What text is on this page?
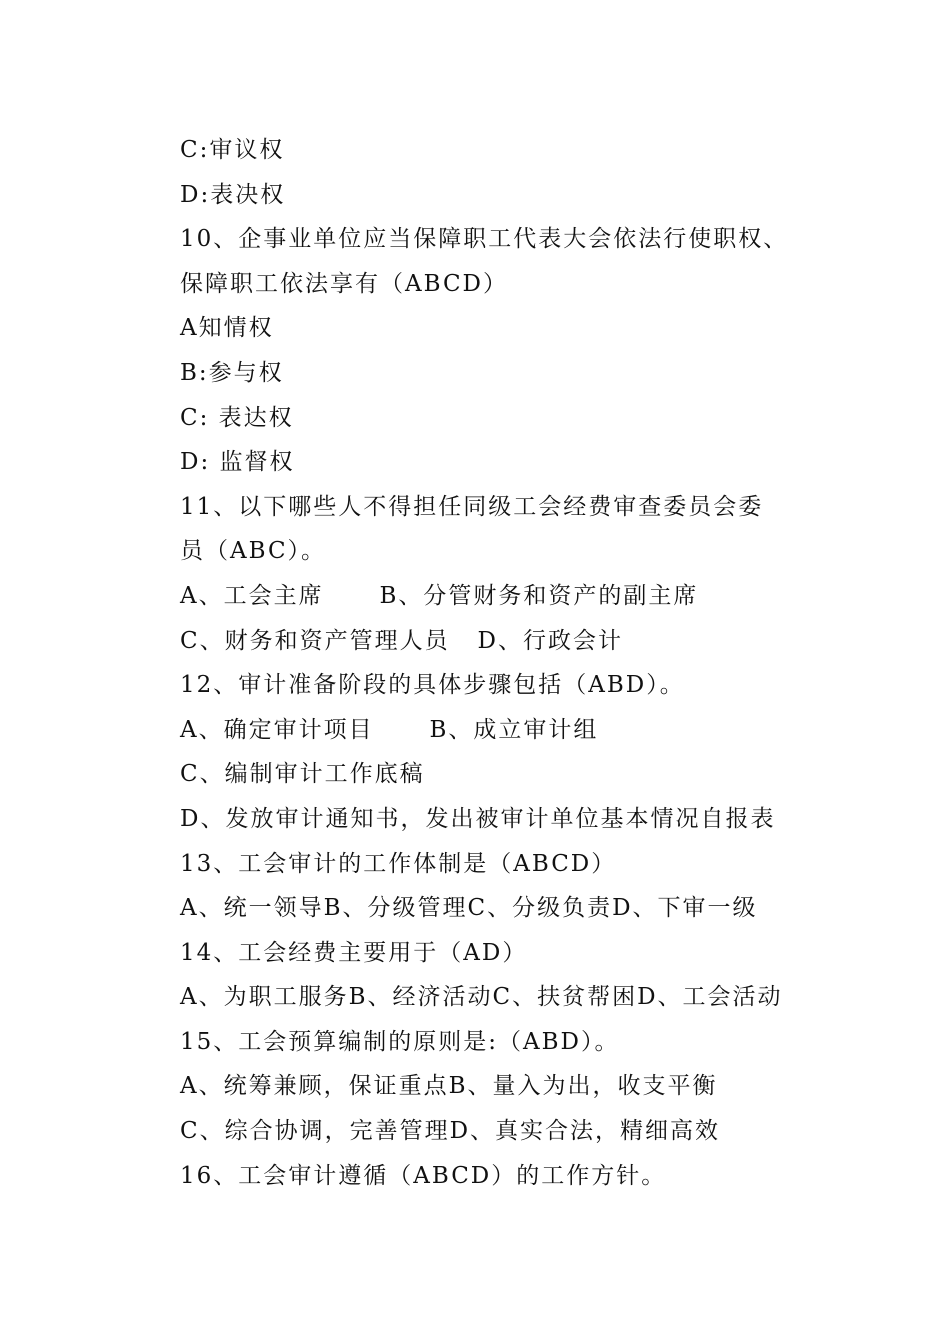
C:审议权
D:表决权
10、企事业单位应当保障职工代表大会依法行使职权、
保障职工依法享有（ABCD）
A知情权
B:参与权
C: 表达权
D: 监督权
11、以下哪些人不得担任同级工会经费审查委员会委
员（ABC）。
A、工会主席      B、分管财务和资产的副主席
C、财务和资产管理人员   D、行政会计
12、审计准备阶段的具体步骤包括（ABD）。
A、确定审计项目      B、成立审计组
C、编制审计工作底稿
D、发放审计通知书，发出被审计单位基本情况自报表
13、工会审计的工作体制是（ABCD）
A、统一领导B、分级管理C、分级负责D、下审一级
14、工会经费主要用于（AD）
A、为职工服务B、经济活动C、扶贫帮困D、工会活动
15、工会预算编制的原则是:（ABD）。
A、统筹兼顾，保证重点B、量入为出，收支平衡
C、综合协调，完善管理D、真实合法，精细高效
16、工会审计遵循（ABCD）的工作方针。
